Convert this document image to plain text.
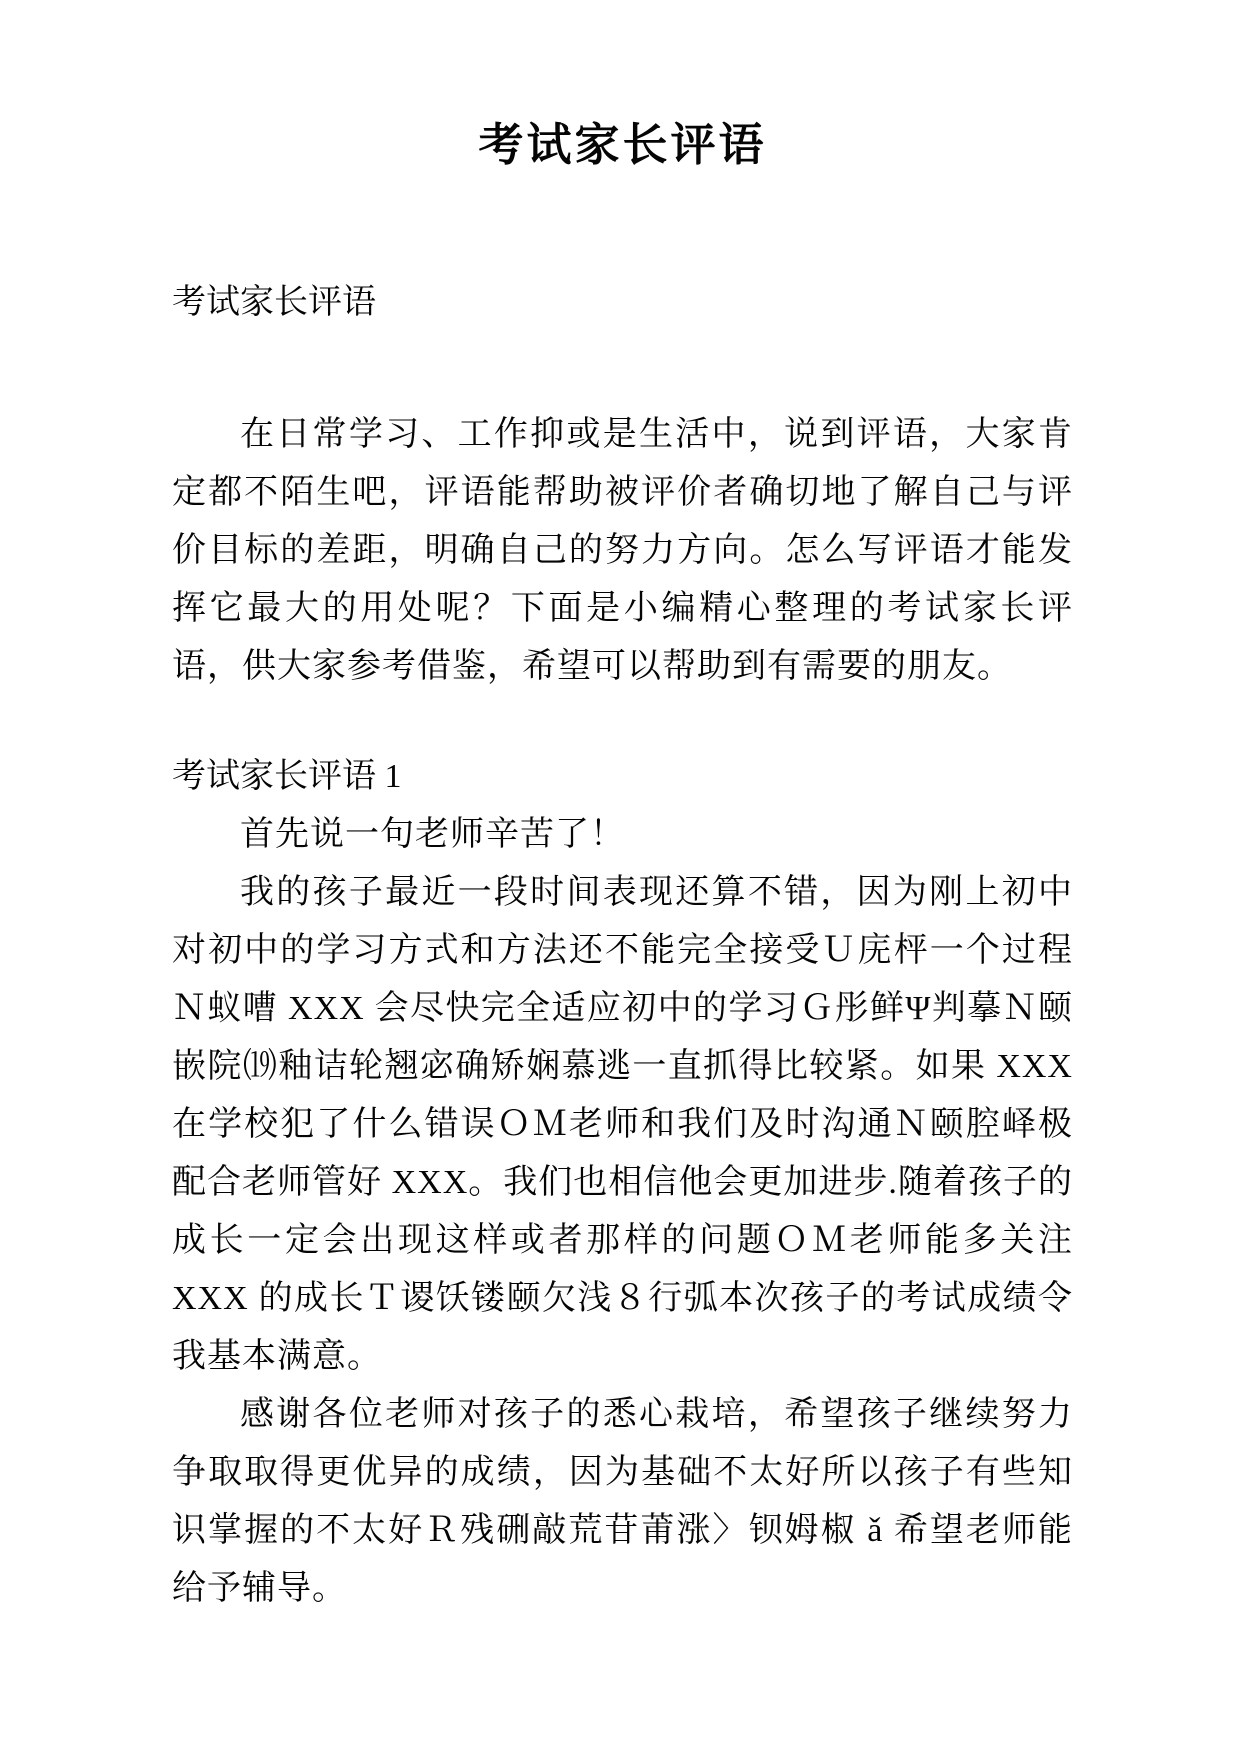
考试家长评语

考试家长评语

在日常学习、工作抑或是生活中，说到评语，大家肯定都不陌生吧，评语能帮助被评价者确切地了解自己与评价目标的差距，明确自己的努力方向。怎么写评语才能发挥它最大的用处呢？下面是小编精心整理的考试家长评语，供大家参考借鉴，希望可以帮助到有需要的朋友。

考试家长评语 1

首先说一句老师辛苦了！

我的孩子最近一段时间表现还算不错，因为刚上初中对初中的学习方式和方法还不能完全接受Ｕ庑枰一个过程Ｎ蚁嘈 XXX 会尽快完全适应初中的学习Ｇ彤鲜Ψ判摹Ｎ颐嵌院⒆釉诘轮翘宓确矫娴慕逃一直抓得比较紧。如果 XXX 在学校犯了什么错误ＯＭ老师和我们及时沟通Ｎ颐腔峄极配合老师管好 XXX。我们也相信他会更加进步.随着孩子的成长一定会出现这样或者那样的问题ＯＭ老师能多关注 XXX 的成长Ｔ谡饫镂颐欠浅８行弧本次孩子的考试成绩令我基本满意。

感谢各位老师对孩子的悉心栽培，希望孩子继续努力争取取得更优异的成绩，因为基础不太好所以孩子有些知识掌握的不太好Ｒ残硎敲荒苷莆涨〉钡姆椒 ǎ 希望老师能给予辅导。
